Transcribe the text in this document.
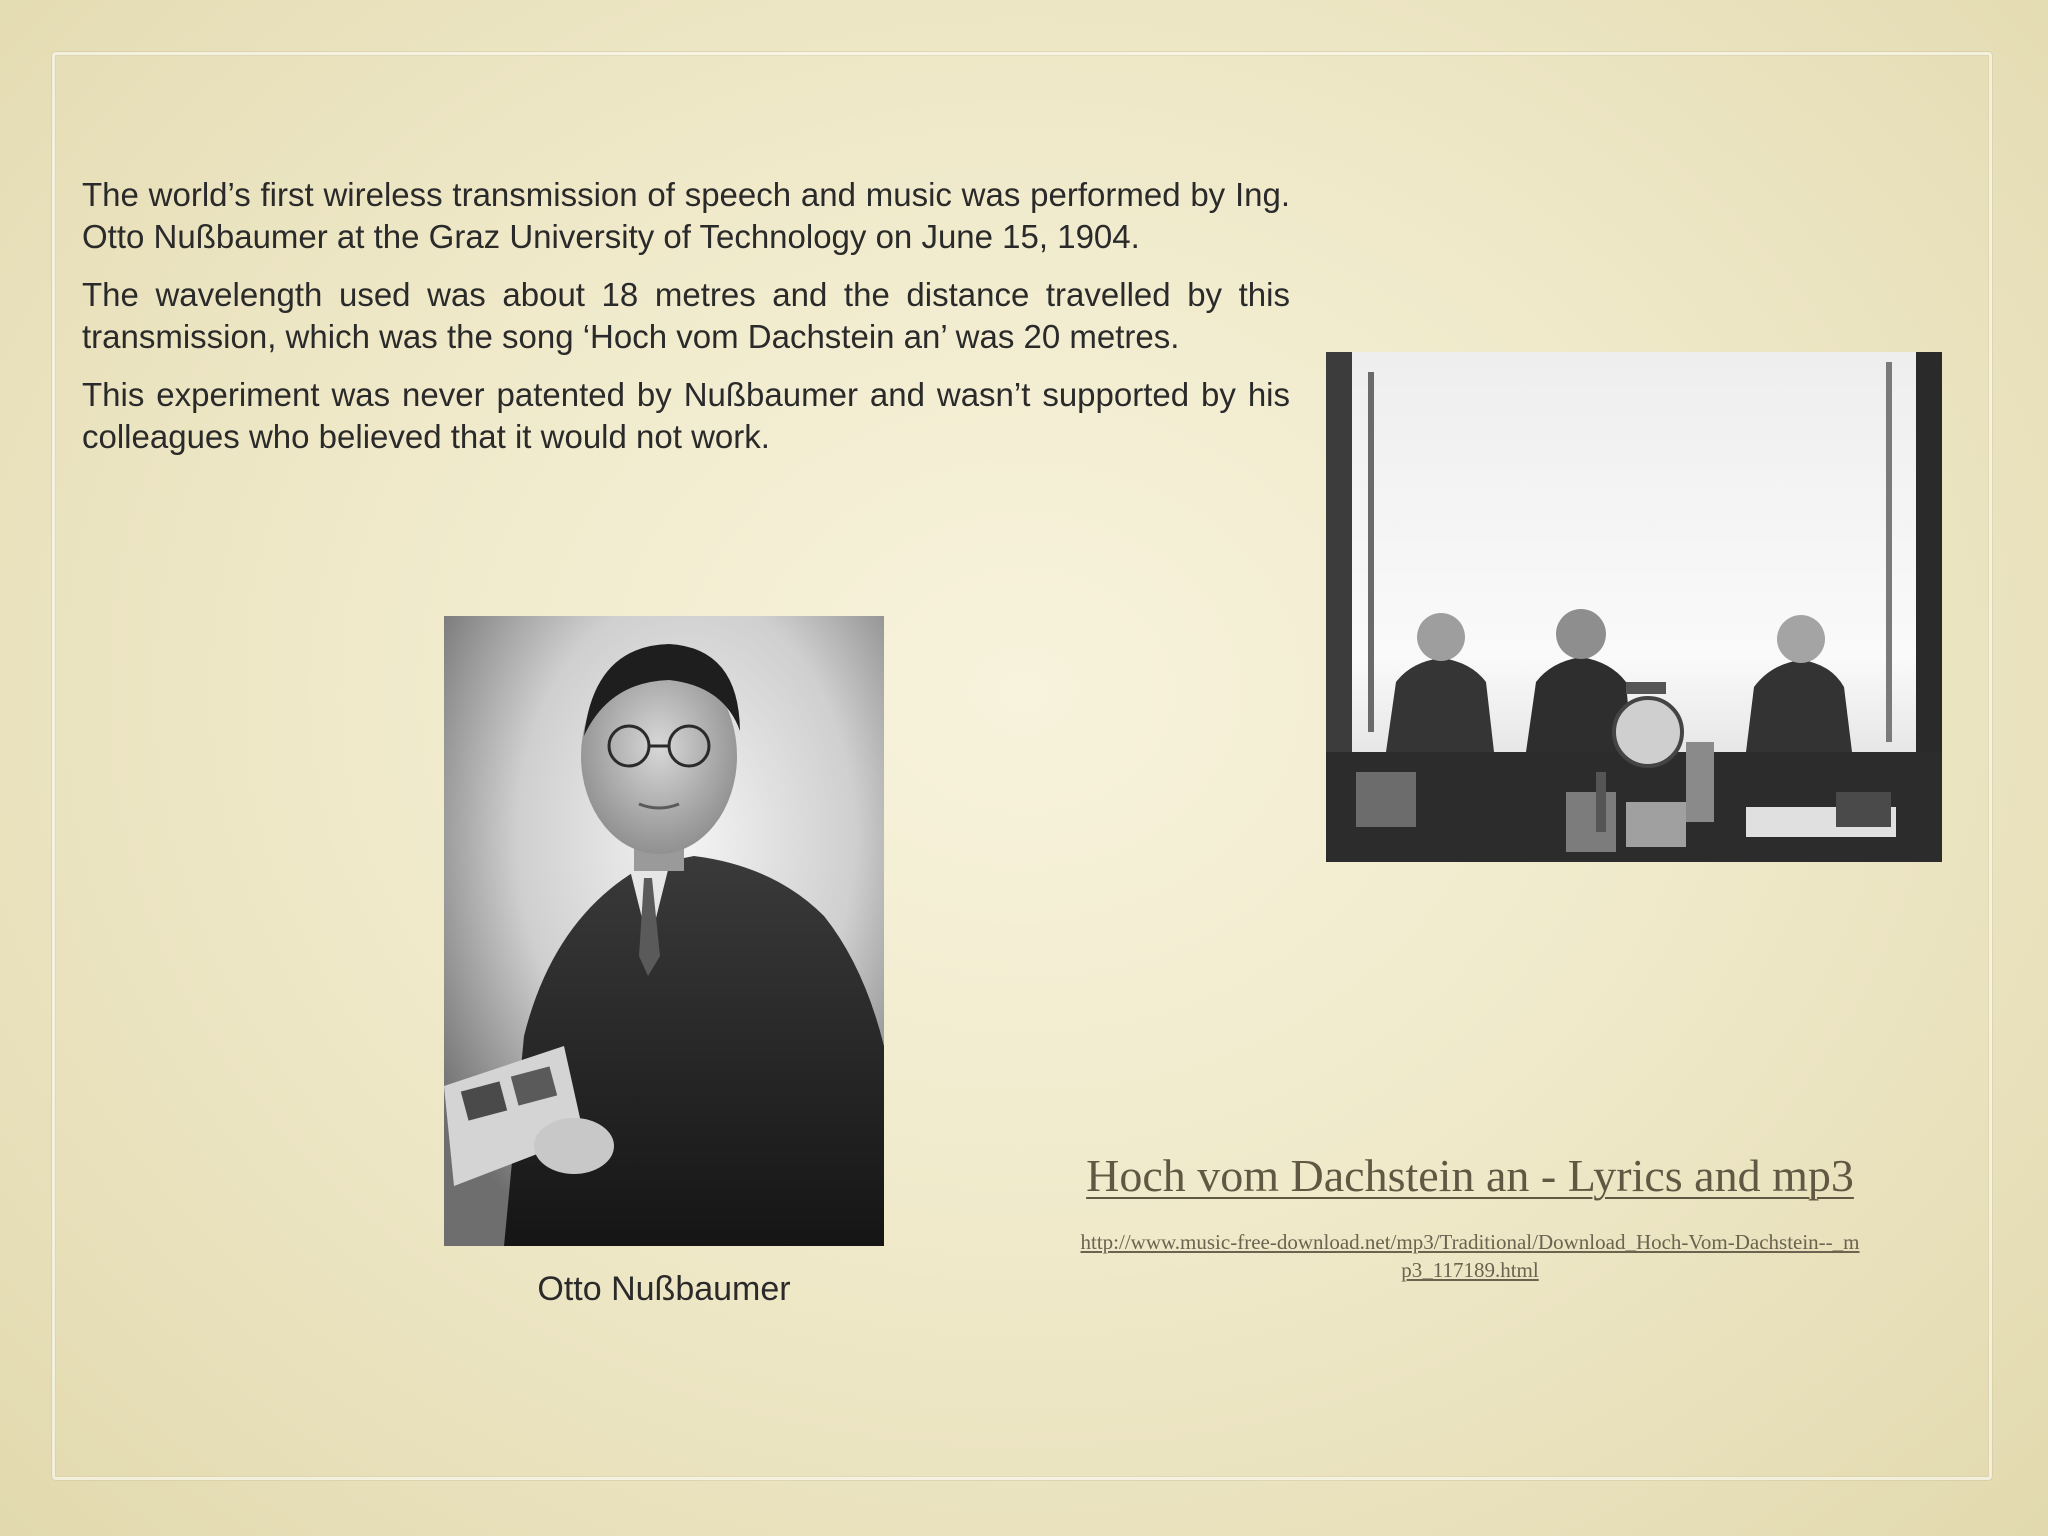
The world’s first wireless transmission of speech and music was performed by Ing. Otto Nußbaumer at the Graz University of Technology on June 15, 1904.

The wavelength used was about 18 metres and the distance travelled by this transmission, which was the song ‘Hoch vom Dachstein an’ was 20 metres.

This experiment was never patented by Nußbaumer and wasn’t supported by his colleagues who believed that it would not work.

Otto Nußbaumer
Hoch vom Dachstein an - Lyrics and mp3
http://www.music-free-download.net/mp3/Traditional/Download_Hoch-Vom-Dachstein--_mp3_117189.html
